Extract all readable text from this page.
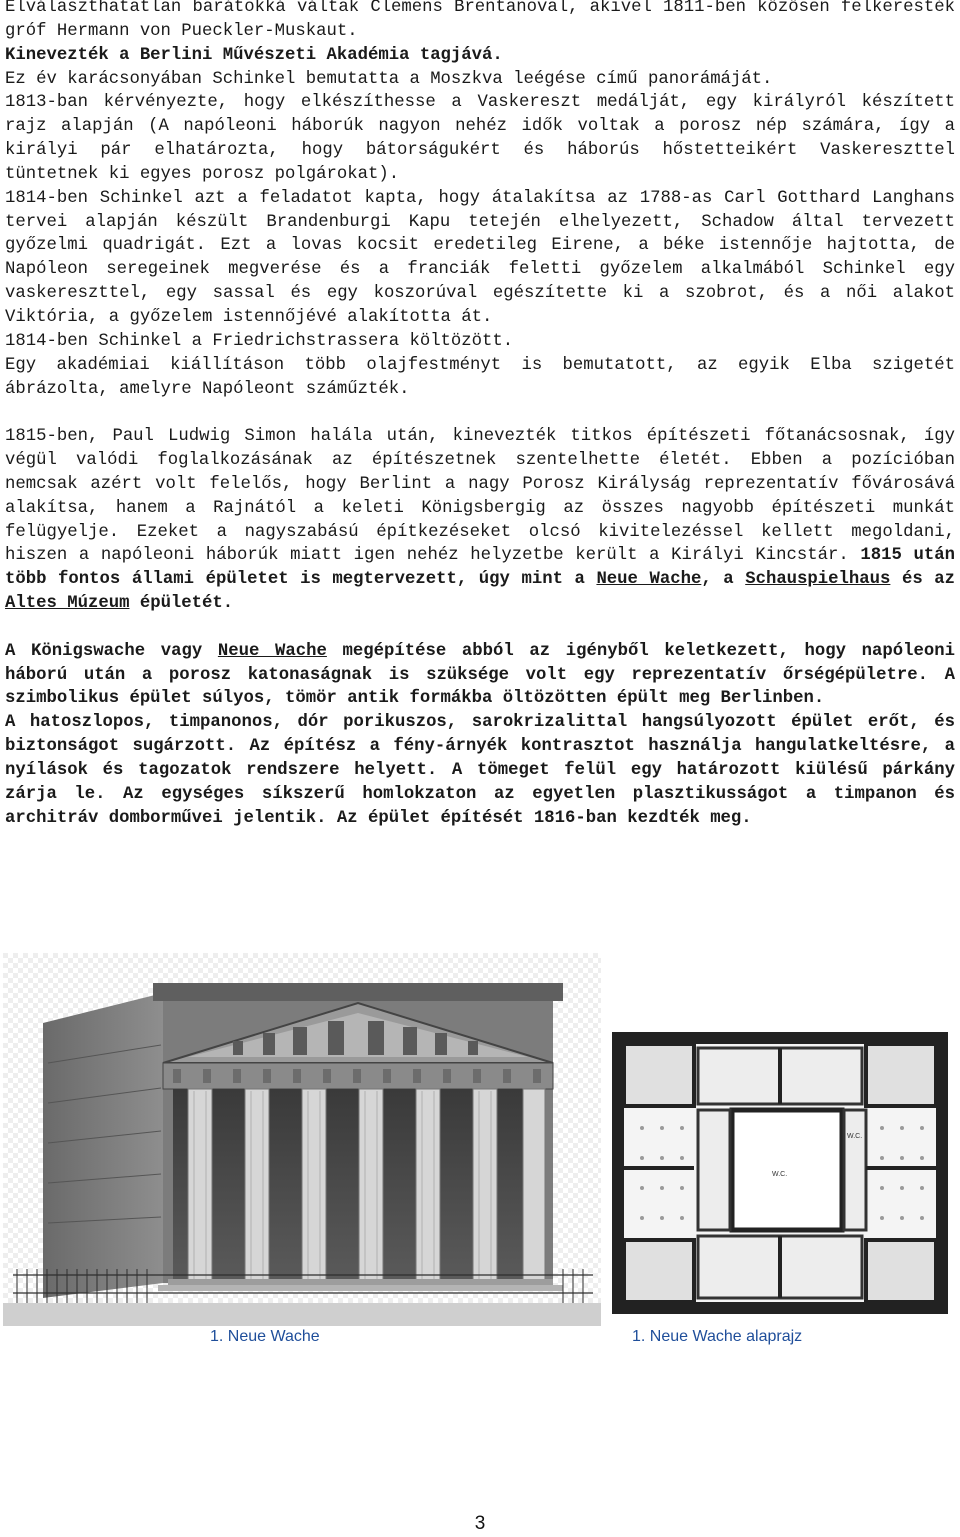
Elválaszthatatlan barátokká váltak Clemens Brentanoval, akivel 1811-ben közösen felkeresték gróf Hermann von Pueckler-Muskaut.

Kinevezték a Berlini Művészeti Akadémia tagjává.

Ez év karácsonyában Schinkel bemutatta a Moszkva leégése című panorámáját.

1813-ban kérvényezte, hogy elkészíthesse a Vaskereszt medálját, egy királyról készített rajz alapján (A napóleoni háborúk nagyon nehéz idők voltak a porosz nép számára, így a királyi pár elhatározta, hogy bátorságukért és háborús hőstetteikért Vaskereszttel tüntetnek ki egyes porosz polgárokat).

1814-ben Schinkel azt a feladatot kapta, hogy átalakítsa az 1788-as Carl Gotthard Langhans tervei alapján készült Brandenburgi Kapu tetején elhelyezett, Schadow által tervezett győzelmi quadrigát. Ezt a lovas kocsit eredetileg Eirene, a béke istennője hajtotta, de Napóleon seregeinek megverése és a franciák feletti győzelem alkalmából Schinkel egy vaskereszttel, egy sassal és egy koszorúval egészítette ki a szobrot, és a női alakot Viktória, a győzelem istennőjévé alakította át.

1814-ben Schinkel a Friedrichstrassera költözött.

Egy akadémiai kiállításon több olajfestményt is bemutatott, az egyik Elba szigetét ábrázolta, amelyre Napóleont száműzték.

1815-ben, Paul Ludwig Simon halála után, kinevezték titkos építészeti főtanácsosnak, így végül valódi foglalkozásának az építészetnek szentelhette életét. Ebben a pozícióban nemcsak azért volt felelős, hogy Berlint a nagy Porosz Királyság reprezentatív fővárosává alakítsa, hanem a Rajnától a keleti Königsbergig az összes nagyobb építészeti munkát felügyelje. Ezeket a nagyszabású építkezéseket olcsó kivitelezéssel kellett megoldani, hiszen a napóleoni háborúk miatt igen nehéz helyzetbe került a Királyi Kincstár. 1815 után több fontos állami épületet is megtervezett, úgy mint a Neue Wache, a Schauspielhaus és az Altes Múzeum épületét.

A Königswache vagy Neue Wache megépítése abból az igényből keletkezett, hogy napóleoni háború után a porosz katonaságnak is szüksége volt egy reprezentatív őrségépületre. A szimbolikus épület súlyos, tömör antik formákba öltözötten épült meg Berlinben.

A hatoszlopos, timpanonos, dór porikuszos, sarokrizalittal hangsúlyozott épület erőt, és biztonságot sugárzott. Az építész a fény-árnyék kontrasztot használja hangulatkeltésre, a nyílások és tagozatok rendszere helyett. A tömeget felül egy határozott kiülésű párkány zárja le. Az egységes síkszerű homlokzaton az egyetlen plasztikusságot a timpanon és architráv domborművei jelentik. Az épület építését 1816-ban kezdték meg.

W.C.
W.C.
1. Neue Wache	1. Neue Wache alaprajz
3
